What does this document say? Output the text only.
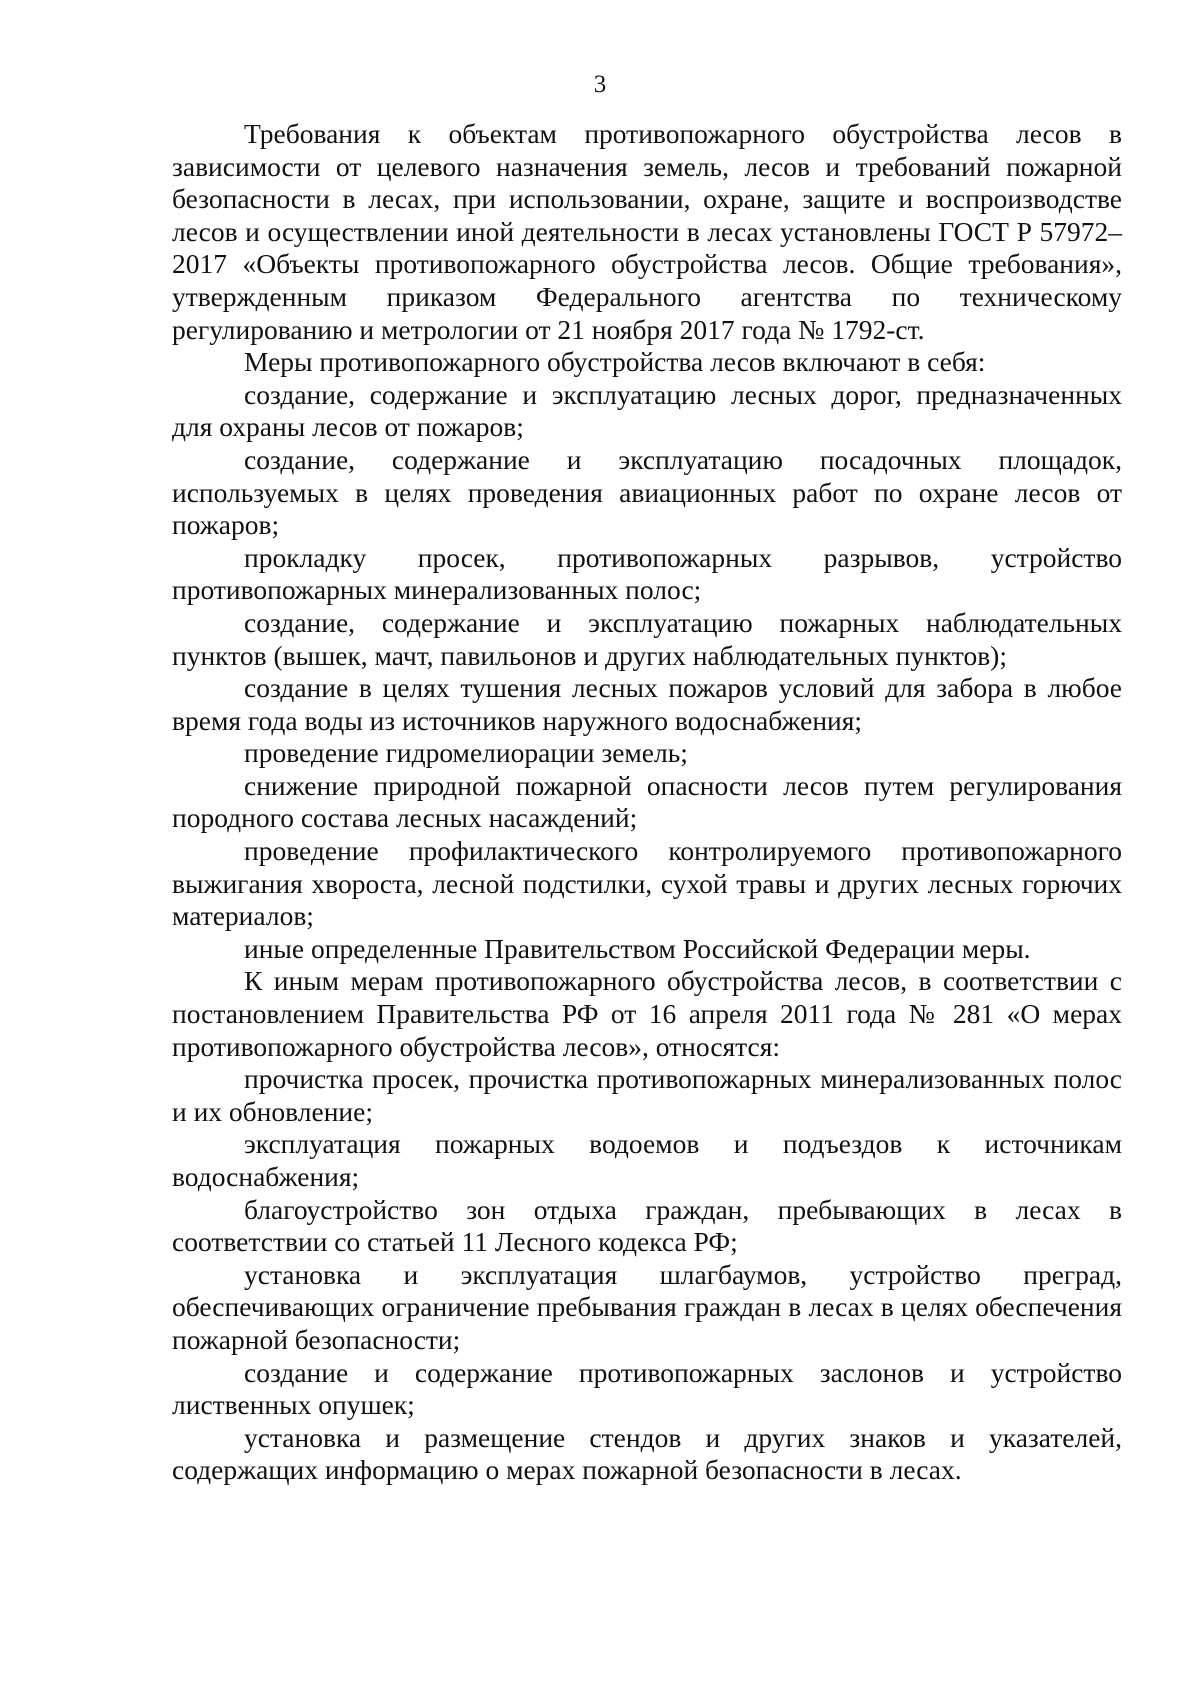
3

Требования к объектам противопожарного обустройства лесов в зависимости от целевого назначения земель, лесов и требований пожарной безопасности в лесах, при использовании, охране, защите и воспроизводстве лесов и осуществлении иной деятельности в лесах установлены ГОСТ Р 57972–2017 «Объекты противопожарного обустройства лесов. Общие требования», утвержденным приказом Федерального агентства по техническому регулированию и метрологии от 21 ноября 2017 года № 1792-ст.

Меры противопожарного обустройства лесов включают в себя:

создание, содержание и эксплуатацию лесных дорог, предназначенных для охраны лесов от пожаров;

создание, содержание и эксплуатацию посадочных площадок, используемых в целях проведения авиационных работ по охране лесов от пожаров;

прокладку просек, противопожарных разрывов, устройство противопожарных минерализованных полос;

создание, содержание и эксплуатацию пожарных наблюдательных пунктов (вышек, мачт, павильонов и других наблюдательных пунктов);

создание в целях тушения лесных пожаров условий для забора в любое время года воды из источников наружного водоснабжения;

проведение гидромелиорации земель;

снижение природной пожарной опасности лесов путем регулирования породного состава лесных насаждений;

проведение профилактического контролируемого противопожарного выжигания хвороста, лесной подстилки, сухой травы и других лесных горючих материалов;

иные определенные Правительством Российской Федерации меры.

К иным мерам противопожарного обустройства лесов, в соответствии с постановлением Правительства РФ от 16 апреля 2011 года № 281 «О мерах противопожарного обустройства лесов», относятся:

прочистка просек, прочистка противопожарных минерализованных полос и их обновление;

эксплуатация пожарных водоемов и подъездов к источникам водоснабжения;

благоустройство зон отдыха граждан, пребывающих в лесах в соответствии со статьей 11 Лесного кодекса РФ;

установка и эксплуатация шлагбаумов, устройство преград, обеспечивающих ограничение пребывания граждан в лесах в целях обеспечения пожарной безопасности;

создание и содержание противопожарных заслонов и устройство лиственных опушек;

установка и размещение стендов и других знаков и указателей, содержащих информацию о мерах пожарной безопасности в лесах.
